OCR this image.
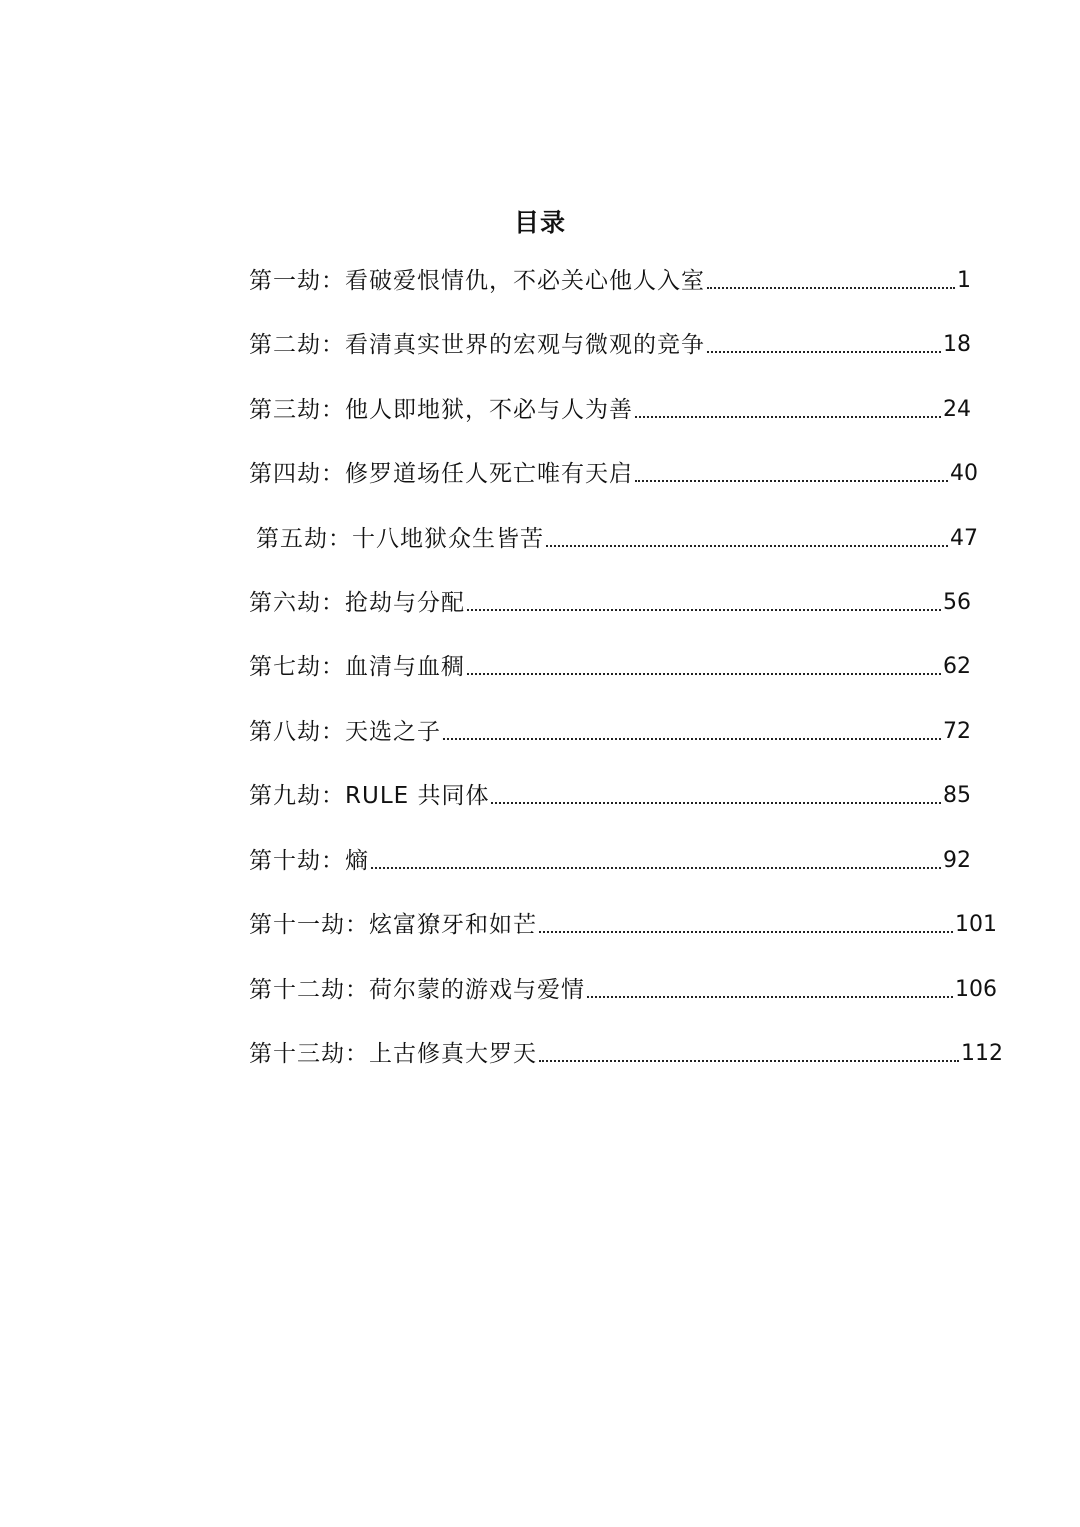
目录
第一劫： 看破爱恨情仇，不必关心他人入室	1
第二劫： 看清真实世界的宏观与微观的竞争	18
第三劫： 他人即地狱，不必与人为善	24
第四劫： 修罗道场任人死亡唯有天启	40
第五劫： 十八地狱众生皆苦	47
第六劫： 抢劫与分配	56
第七劫： 血清与血稠	62
第八劫： 天选之子	72
第九劫： RULE 共同体	85
第十劫： 熵	92
第十一劫： 炫富獠牙和如芒	101
第十二劫： 荷尔蒙的游戏与爱情	106
第十三劫： 上古修真大罗天	112
